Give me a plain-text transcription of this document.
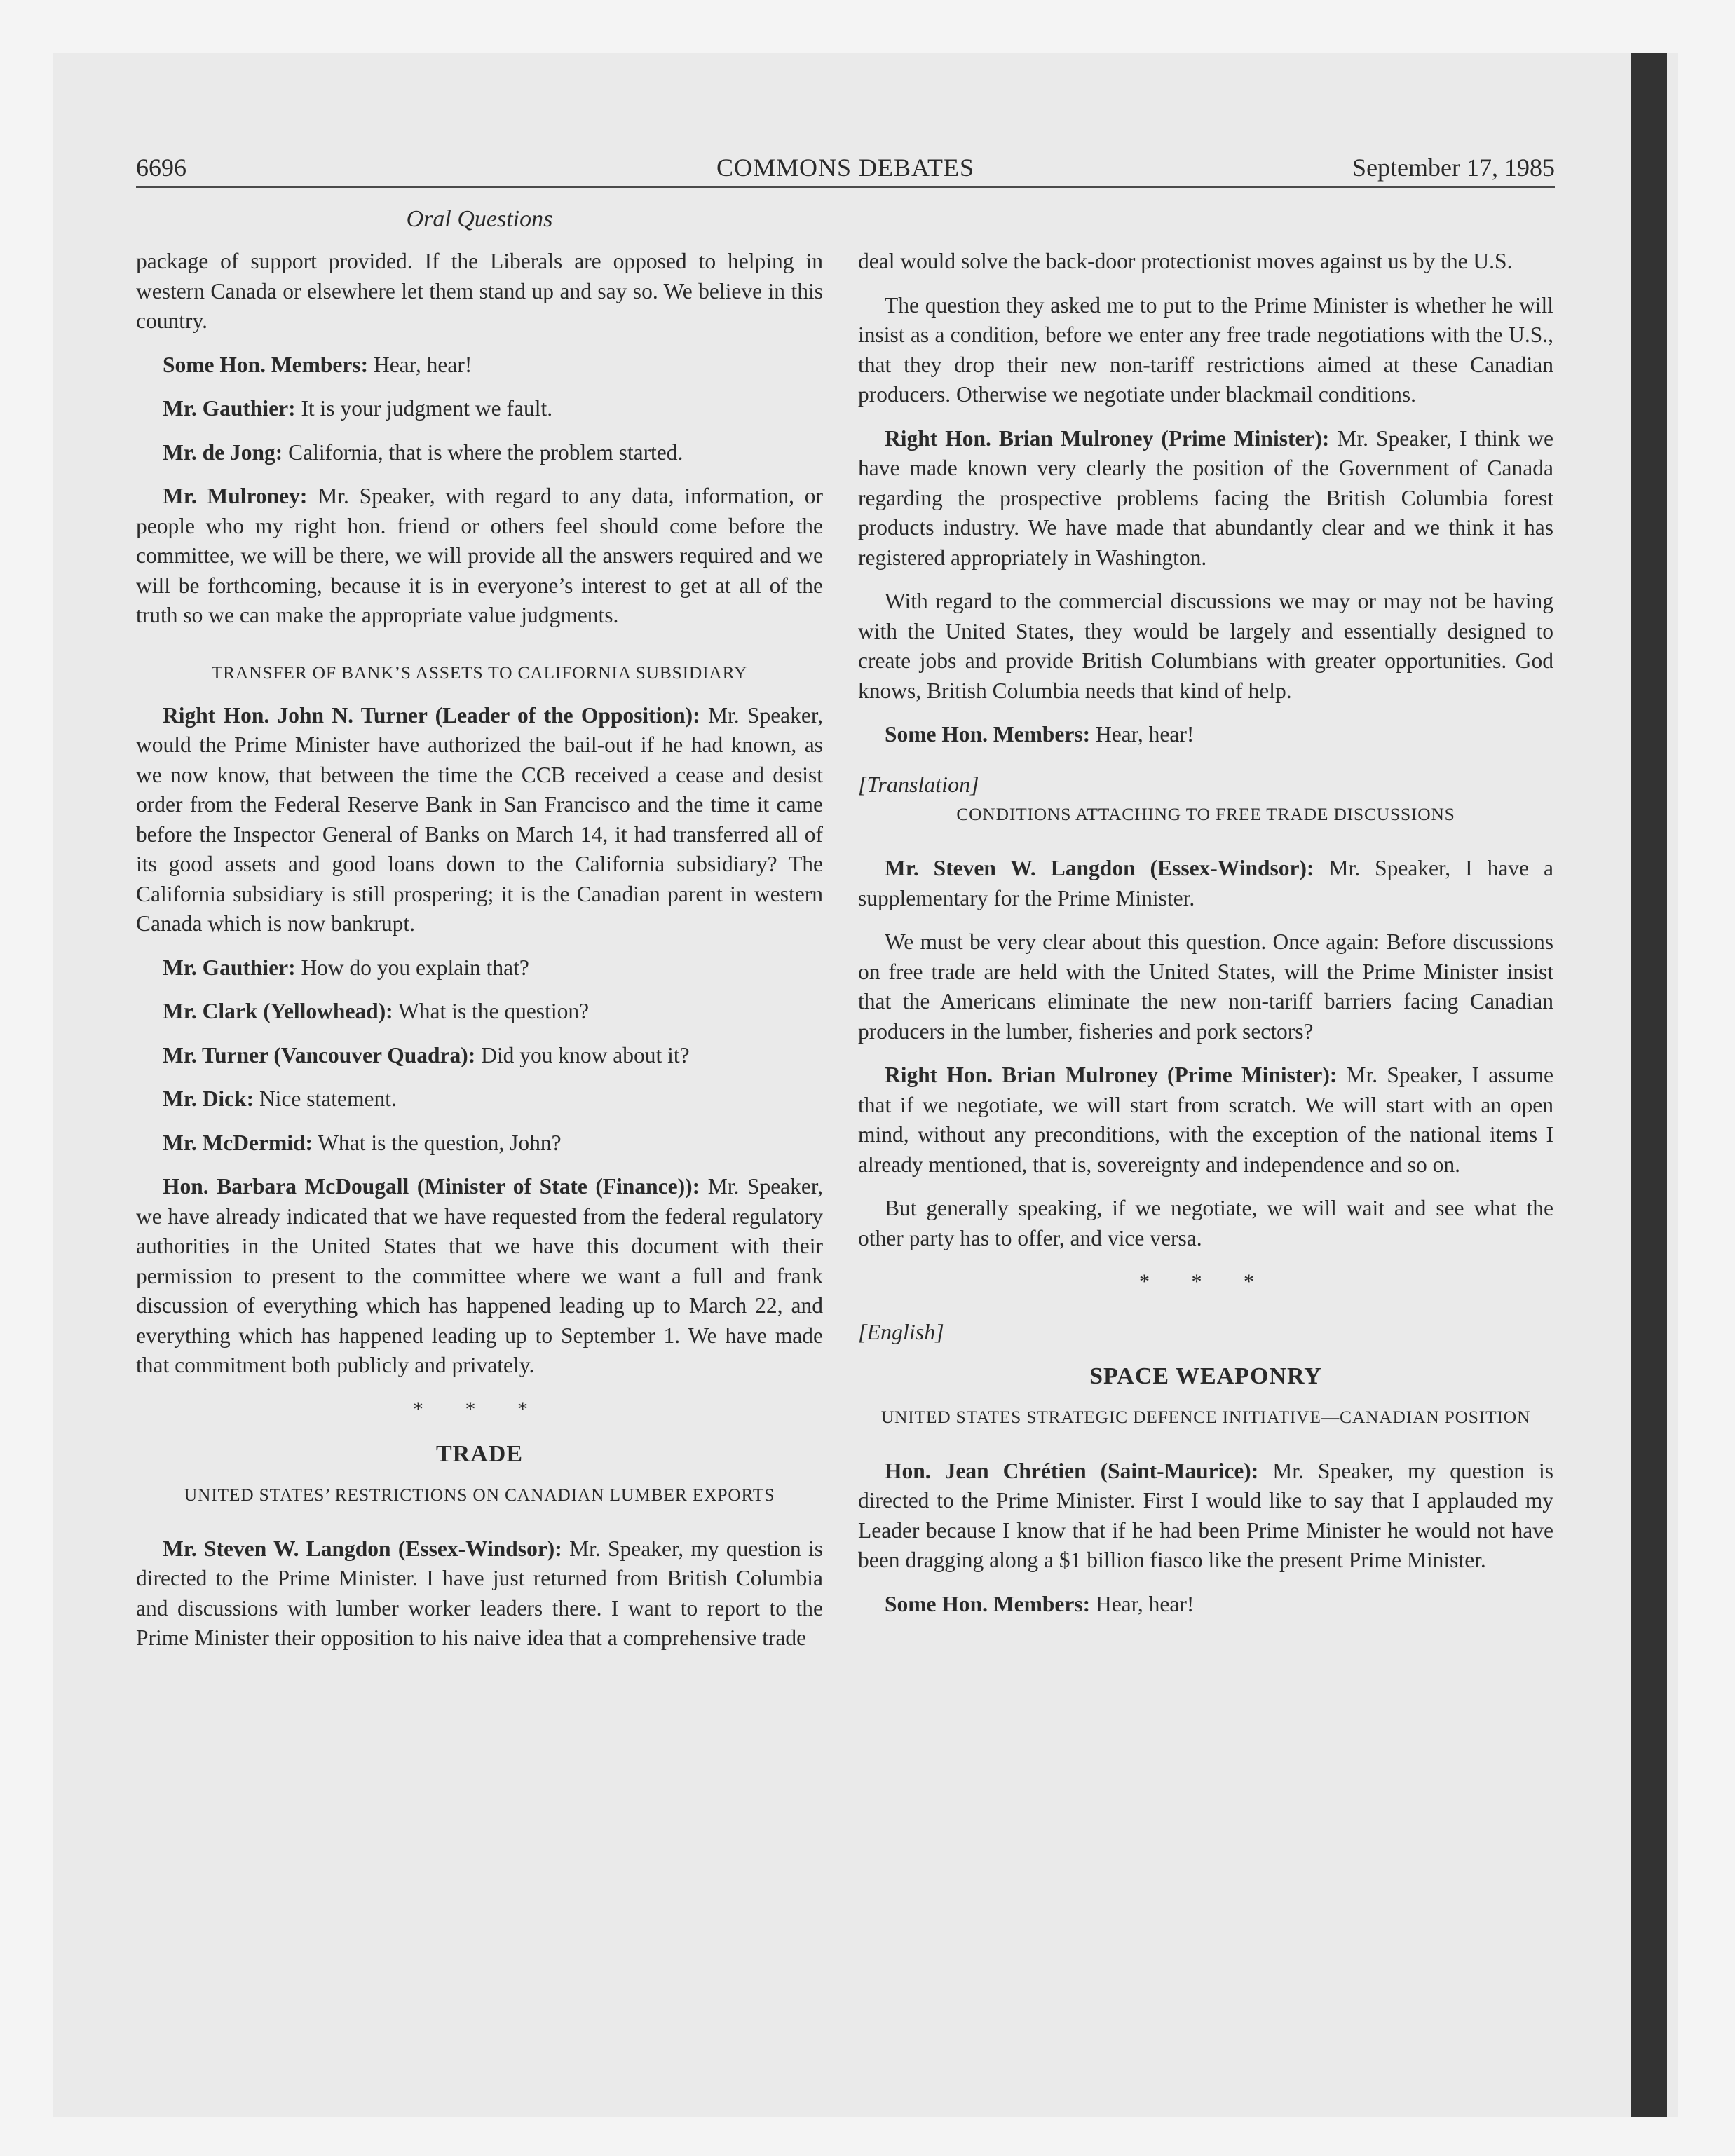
6696	COMMONS DEBATES	September 17, 1985
Oral Questions

package of support provided. If the Liberals are opposed to helping in western Canada or elsewhere let them stand up and say so. We believe in this country.

Some Hon. Members: Hear, hear!

Mr. Gauthier: It is your judgment we fault.

Mr. de Jong: California, that is where the problem started.

Mr. Mulroney: Mr. Speaker, with regard to any data, information, or people who my right hon. friend or others feel should come before the committee, we will be there, we will provide all the answers required and we will be forthcoming, because it is in everyone’s interest to get at all of the truth so we can make the appropriate value judgments.

TRANSFER OF BANK’S ASSETS TO CALIFORNIA SUBSIDIARY

Right Hon. John N. Turner (Leader of the Opposition): Mr. Speaker, would the Prime Minister have authorized the bail-out if he had known, as we now know, that between the time the CCB received a cease and desist order from the Federal Reserve Bank in San Francisco and the time it came before the Inspector General of Banks on March 14, it had transferred all of its good assets and good loans down to the California subsidiary? The California subsidiary is still prospering; it is the Canadian parent in western Canada which is now bankrupt.

Mr. Gauthier: How do you explain that?

Mr. Clark (Yellowhead): What is the question?

Mr. Turner (Vancouver Quadra): Did you know about it?

Mr. Dick: Nice statement.

Mr. McDermid: What is the question, John?

Hon. Barbara McDougall (Minister of State (Finance)): Mr. Speaker, we have already indicated that we have requested from the federal regulatory authorities in the United States that we have this document with their permission to present to the committee where we want a full and frank discussion of everything which has happened leading up to March 22, and everything which has happened leading up to September 1. We have made that commitment both publicly and privately.

* * *
TRADE
UNITED STATES’ RESTRICTIONS ON CANADIAN LUMBER EXPORTS

Mr. Steven W. Langdon (Essex-Windsor): Mr. Speaker, my question is directed to the Prime Minister. I have just returned from British Columbia and discussions with lumber worker leaders there. I want to report to the Prime Minister their opposition to his naive idea that a comprehensive trade

deal would solve the back-door protectionist moves against us by the U.S.

The question they asked me to put to the Prime Minister is whether he will insist as a condition, before we enter any free trade negotiations with the U.S., that they drop their new non-tariff restrictions aimed at these Canadian producers. Otherwise we negotiate under blackmail conditions.

Right Hon. Brian Mulroney (Prime Minister): Mr. Speaker, I think we have made known very clearly the position of the Government of Canada regarding the prospective problems facing the British Columbia forest products industry. We have made that abundantly clear and we think it has registered appropriately in Washington.

With regard to the commercial discussions we may or may not be having with the United States, they would be largely and essentially designed to create jobs and provide British Columbians with greater opportunities. God knows, British Columbia needs that kind of help.

Some Hon. Members: Hear, hear!

[Translation]
CONDITIONS ATTACHING TO FREE TRADE DISCUSSIONS

Mr. Steven W. Langdon (Essex-Windsor): Mr. Speaker, I have a supplementary for the Prime Minister.

We must be very clear about this question. Once again: Before discussions on free trade are held with the United States, will the Prime Minister insist that the Americans eliminate the new non-tariff barriers facing Canadian producers in the lumber, fisheries and pork sectors?

Right Hon. Brian Mulroney (Prime Minister): Mr. Speaker, I assume that if we negotiate, we will start from scratch. We will start with an open mind, without any preconditions, with the exception of the national items I already mentioned, that is, sovereignty and independence and so on.

But generally speaking, if we negotiate, we will wait and see what the other party has to offer, and vice versa.

* * *
[English]
SPACE WEAPONRY
UNITED STATES STRATEGIC DEFENCE INITIATIVE—CANADIAN POSITION

Hon. Jean Chrétien (Saint-Maurice): Mr. Speaker, my question is directed to the Prime Minister. First I would like to say that I applauded my Leader because I know that if he had been Prime Minister he would not have been dragging along a $1 billion fiasco like the present Prime Minister.

Some Hon. Members: Hear, hear!
